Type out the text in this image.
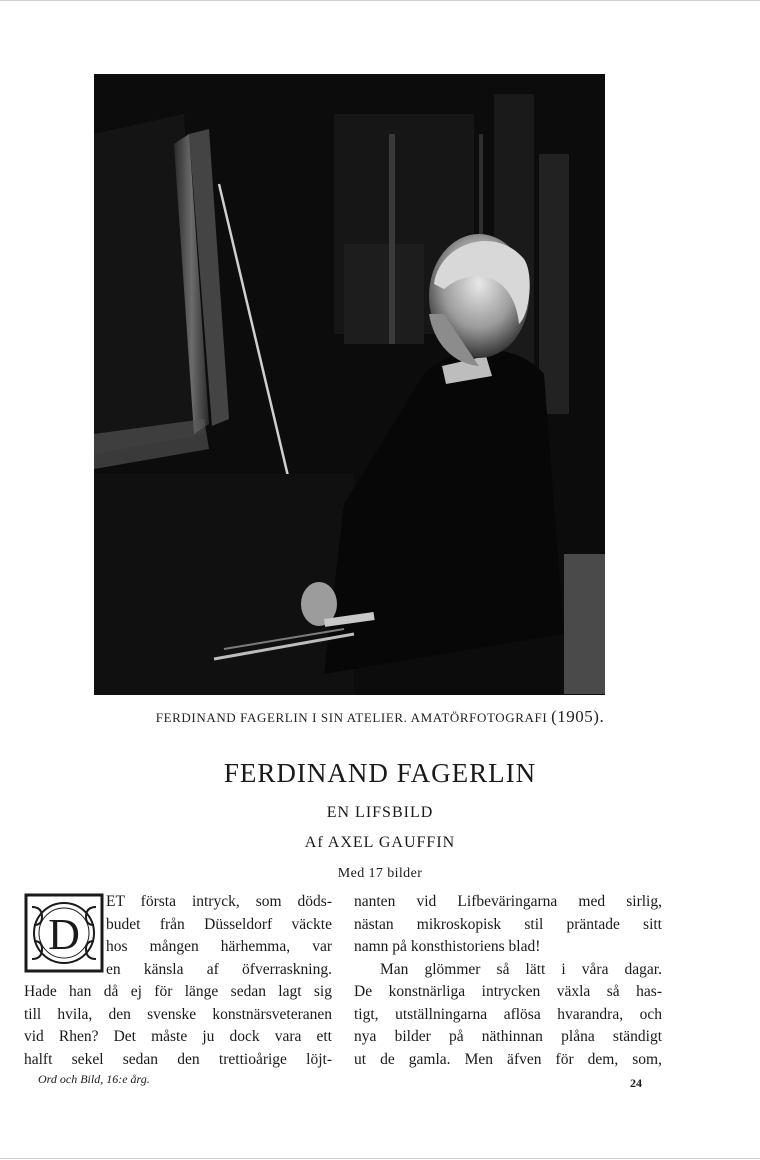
FERDINAND FAGERLIN I SIN ATELIER. AMATÖRFOTOGRAFI (1905).
FERDINAND FAGERLIN
EN LIFSBILD
Af AXEL GAUFFIN
Med 17 bilder
D
ET första intryck, som döds-
budet från Düsseldorf väckte
hos mången härhemma, var
en känsla af öfverraskning.
Hade han då ej för länge sedan lagt sig
till hvila, den svenske konstnärsveteranen
vid Rhen? Det måste ju dock vara ett
halft sekel sedan den trettioårige löjt-
nanten vid Lifbeväringarna med sirlig,
nästan mikroskopisk stil präntade sitt
namn på konsthistoriens blad!
Man glömmer så lätt i våra dagar.
De konstnärliga intrycken växla så has-
tigt, utställningarna aflösa hvarandra, och
nya bilder på näthinnan plåna ständigt
ut de gamla. Men äfven för dem, som,
Ord och Bild, 16:e årg.	24
